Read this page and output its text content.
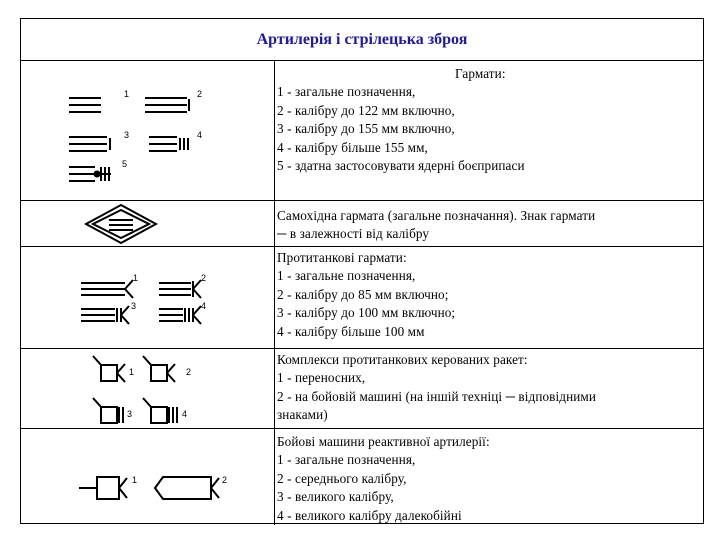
Артилерія і стрілецька зброя
1	2
3	4
5
Гармати:
1 - загальне позначення,
2 - калібру до 122 мм включно,
3 - калібру до 155 мм включно,
4 - калібру більше 155 мм,
5 - здатна застосовувати ядерні боєприпаси
Самохідна гармата (загальне позначання). Знак гармати
─ в залежності від калібру
1	2
3	4
Протитанкові гармати:
1 - загальне позначення,
2 - калібру до 85 мм включно;
3 - калібру до 100 мм включно;
4 - калібру більше 100 мм
1	2
3	4
Комплекси протитанкових керованих ракет:
1 - переносних,
2 - на бойовій машині (на іншій техніці ─ відповідними
знаками)
1	2
Бойові машини реактивної артилерії:
1 - загальне позначення,
2 - середнього калібру,
3 - великого калібру,
4 - великого калібру далекобійні
